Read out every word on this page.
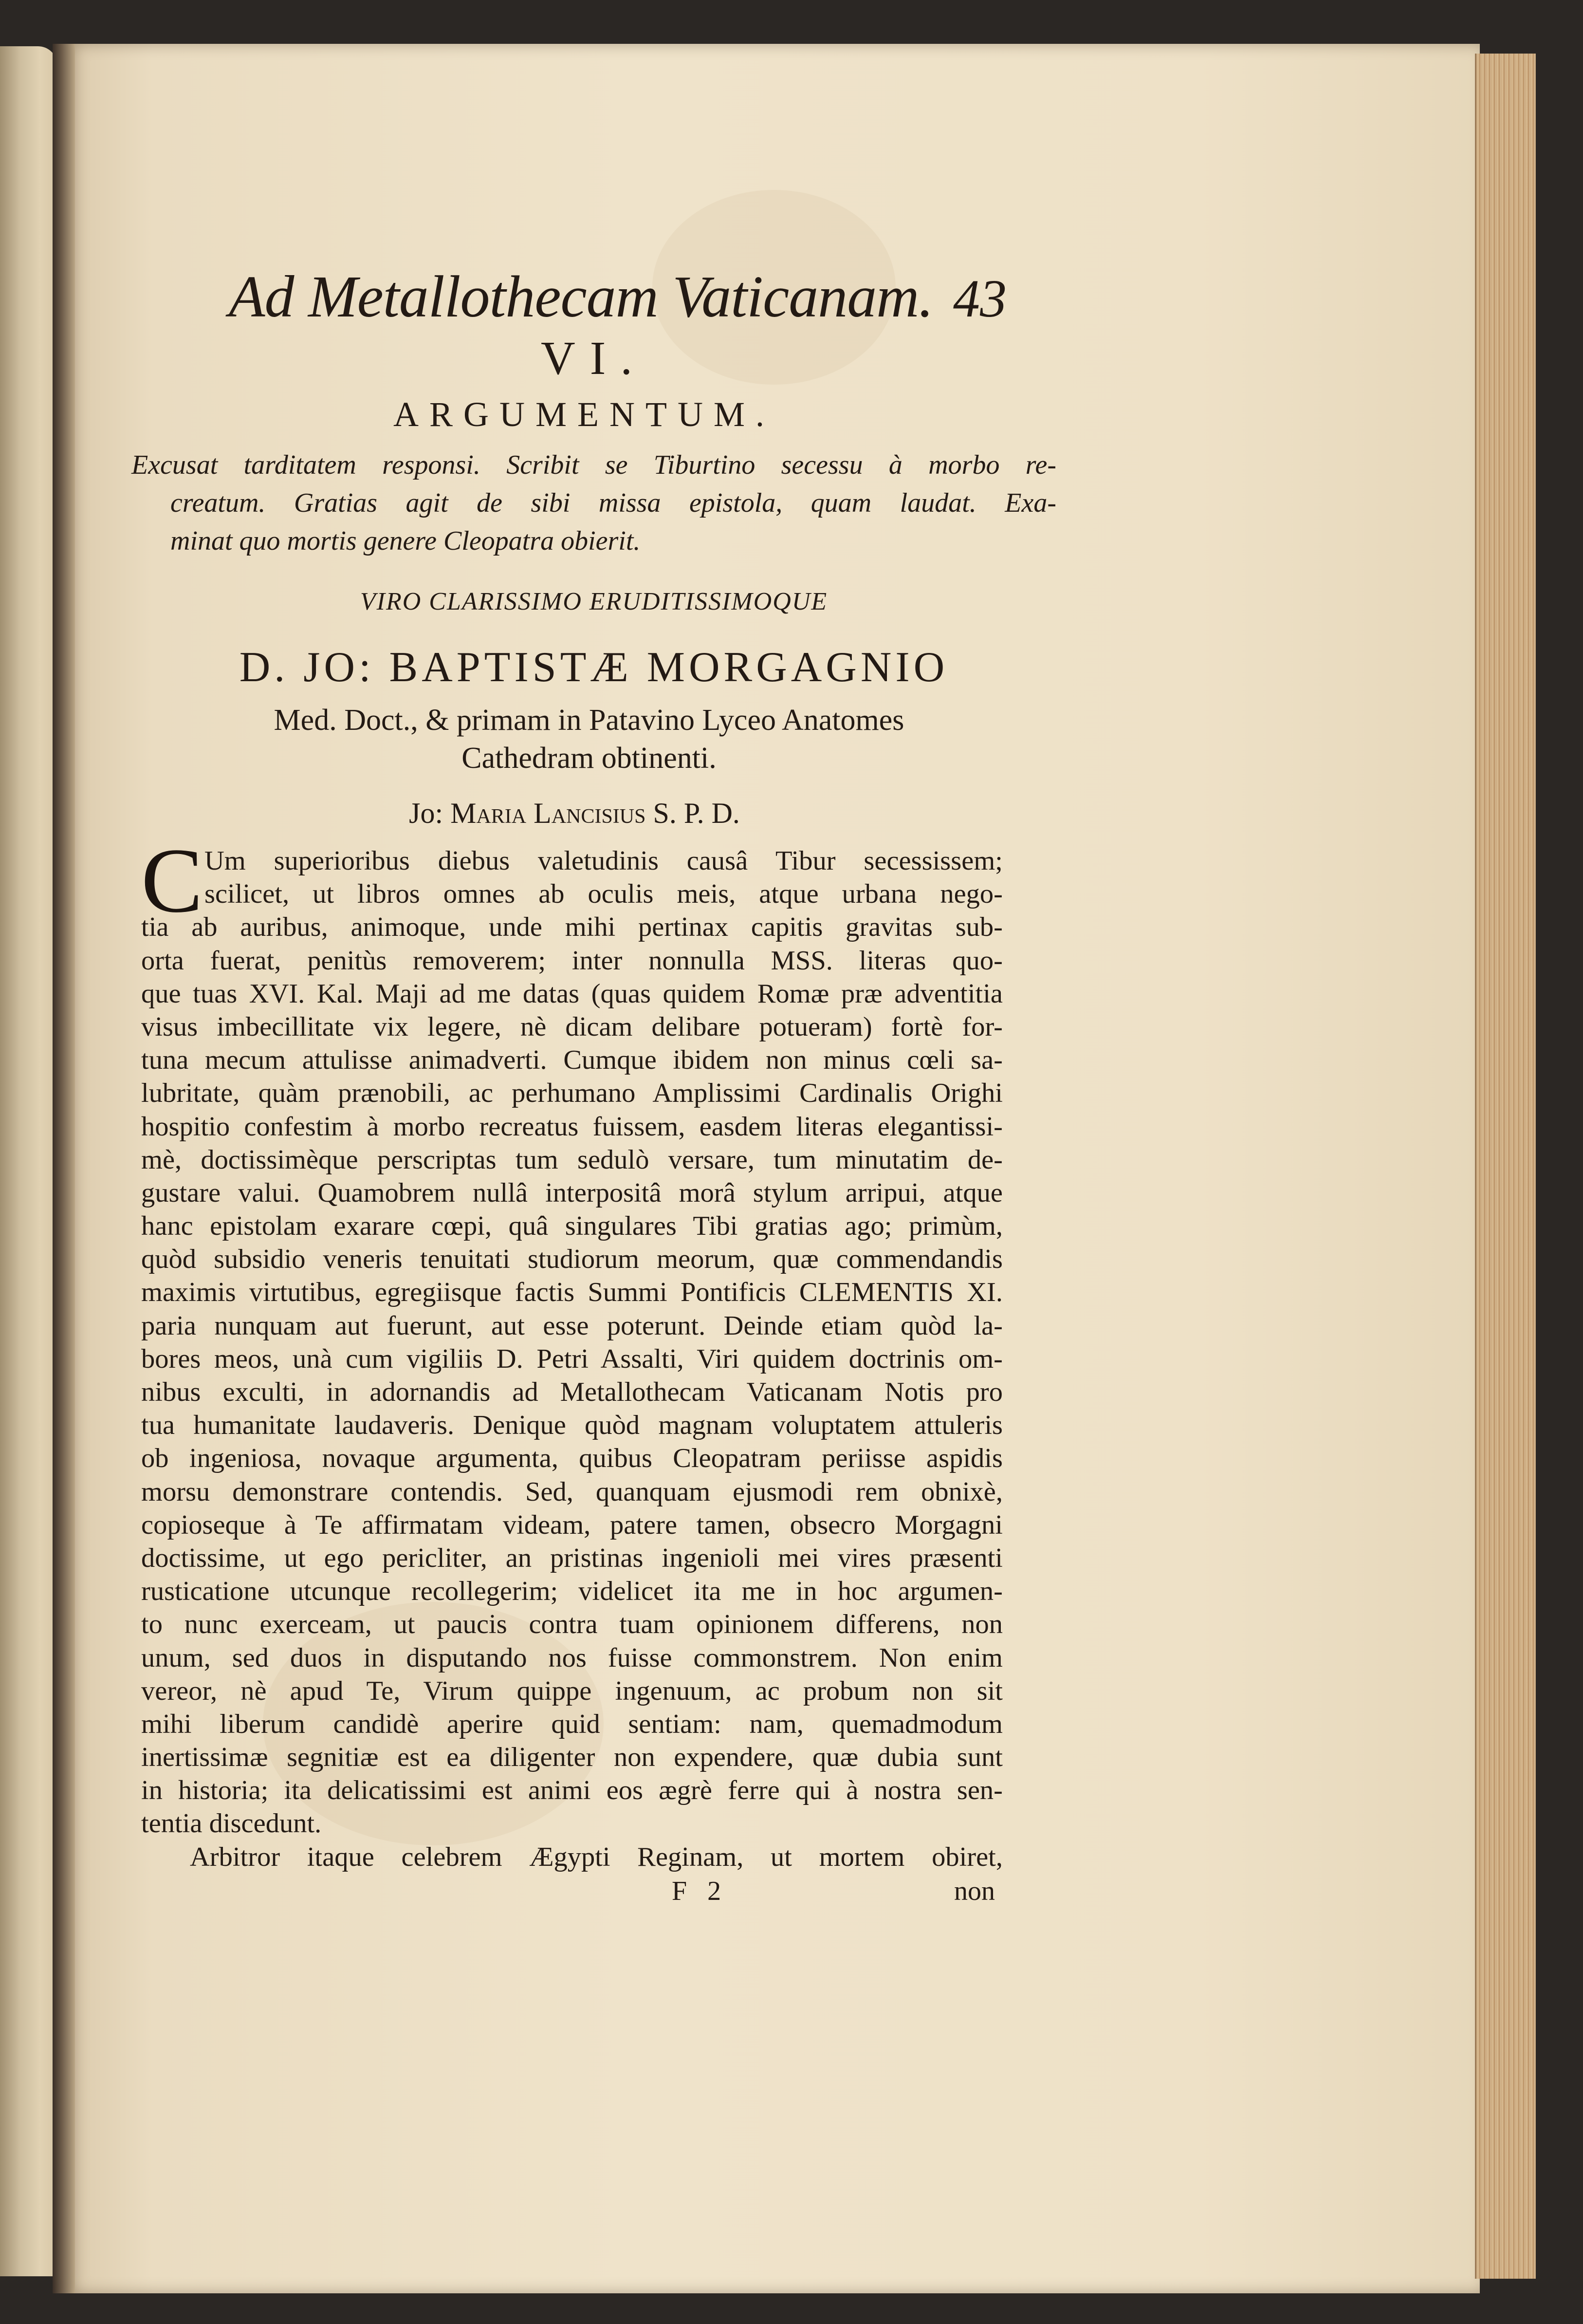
Ad Metallothecam Vaticanam. 43
VI.
ARGUMENTUM.
Excusat tarditatem responsi. Scribit se Tiburtino secessu à morbo re-
creatum. Gratias agit de sibi missa epistola, quam laudat. Exa-
minat quo mortis genere Cleopatra obierit.
VIRO CLARISSIMO ERUDITISSIMOQUE
D. JO: BAPTISTÆ MORGAGNIO
Med. Doct., & primam in Patavino Lyceo Anatomes
Cathedram obtinenti.
Jo: Maria Lancisius S. P. D.
C Um superioribus diebus valetudinis causâ Tibur secessissem;
scilicet, ut libros omnes ab oculis meis, atque urbana nego-
tia ab auribus, animoque, unde mihi pertinax capitis gravitas sub-
orta fuerat, penitùs removerem; inter nonnulla MSS. literas quo-
que tuas XVI. Kal. Maji ad me datas (quas quidem Romæ præ adventitia
visus imbecillitate vix legere, nè dicam delibare potueram) fortè for-
tuna mecum attulisse animadverti. Cumque ibidem non minus cœli sa-
lubritate, quàm prænobili, ac perhumano Amplissimi Cardinalis Orighi
hospitio confestim à morbo recreatus fuissem, easdem literas elegantissi-
mè, doctissimèque perscriptas tum sedulò versare, tum minutatim de-
gustare valui. Quamobrem nullâ interpositâ morâ stylum arripui, atque
hanc epistolam exarare cœpi, quâ singulares Tibi gratias ago; primùm,
quòd subsidio veneris tenuitati studiorum meorum, quæ commendandis
maximis virtutibus, egregiisque factis Summi Pontificis CLEMENTIS XI.
paria nunquam aut fuerunt, aut esse poterunt. Deinde etiam quòd la-
bores meos, unà cum vigiliis D. Petri Assalti, Viri quidem doctrinis om-
nibus exculti, in adornandis ad Metallothecam Vaticanam Notis pro
tua humanitate laudaveris. Denique quòd magnam voluptatem attuleris
ob ingeniosa, novaque argumenta, quibus Cleopatram periisse aspidis
morsu demonstrare contendis. Sed, quanquam ejusmodi rem obnixè,
copioseque à Te affirmatam videam, patere tamen, obsecro Morgagni
doctissime, ut ego pericliter, an pristinas ingenioli mei vires præsenti
rusticatione utcunque recollegerim; videlicet ita me in hoc argumen-
to nunc exerceam, ut paucis contra tuam opinionem differens, non
unum, sed duos in disputando nos fuisse commonstrem. Non enim
vereor, nè apud Te, Virum quippe ingenuum, ac probum non sit
mihi liberum candidè aperire quid sentiam: nam, quemadmodum
inertissimæ segnitiæ est ea diligenter non expendere, quæ dubia sunt
in historia; ita delicatissimi est animi eos ægrè ferre qui à nostra sen-
tentia discedunt.
Arbitror itaque celebrem Ægypti Reginam, ut mortem obiret,
F 2	non
